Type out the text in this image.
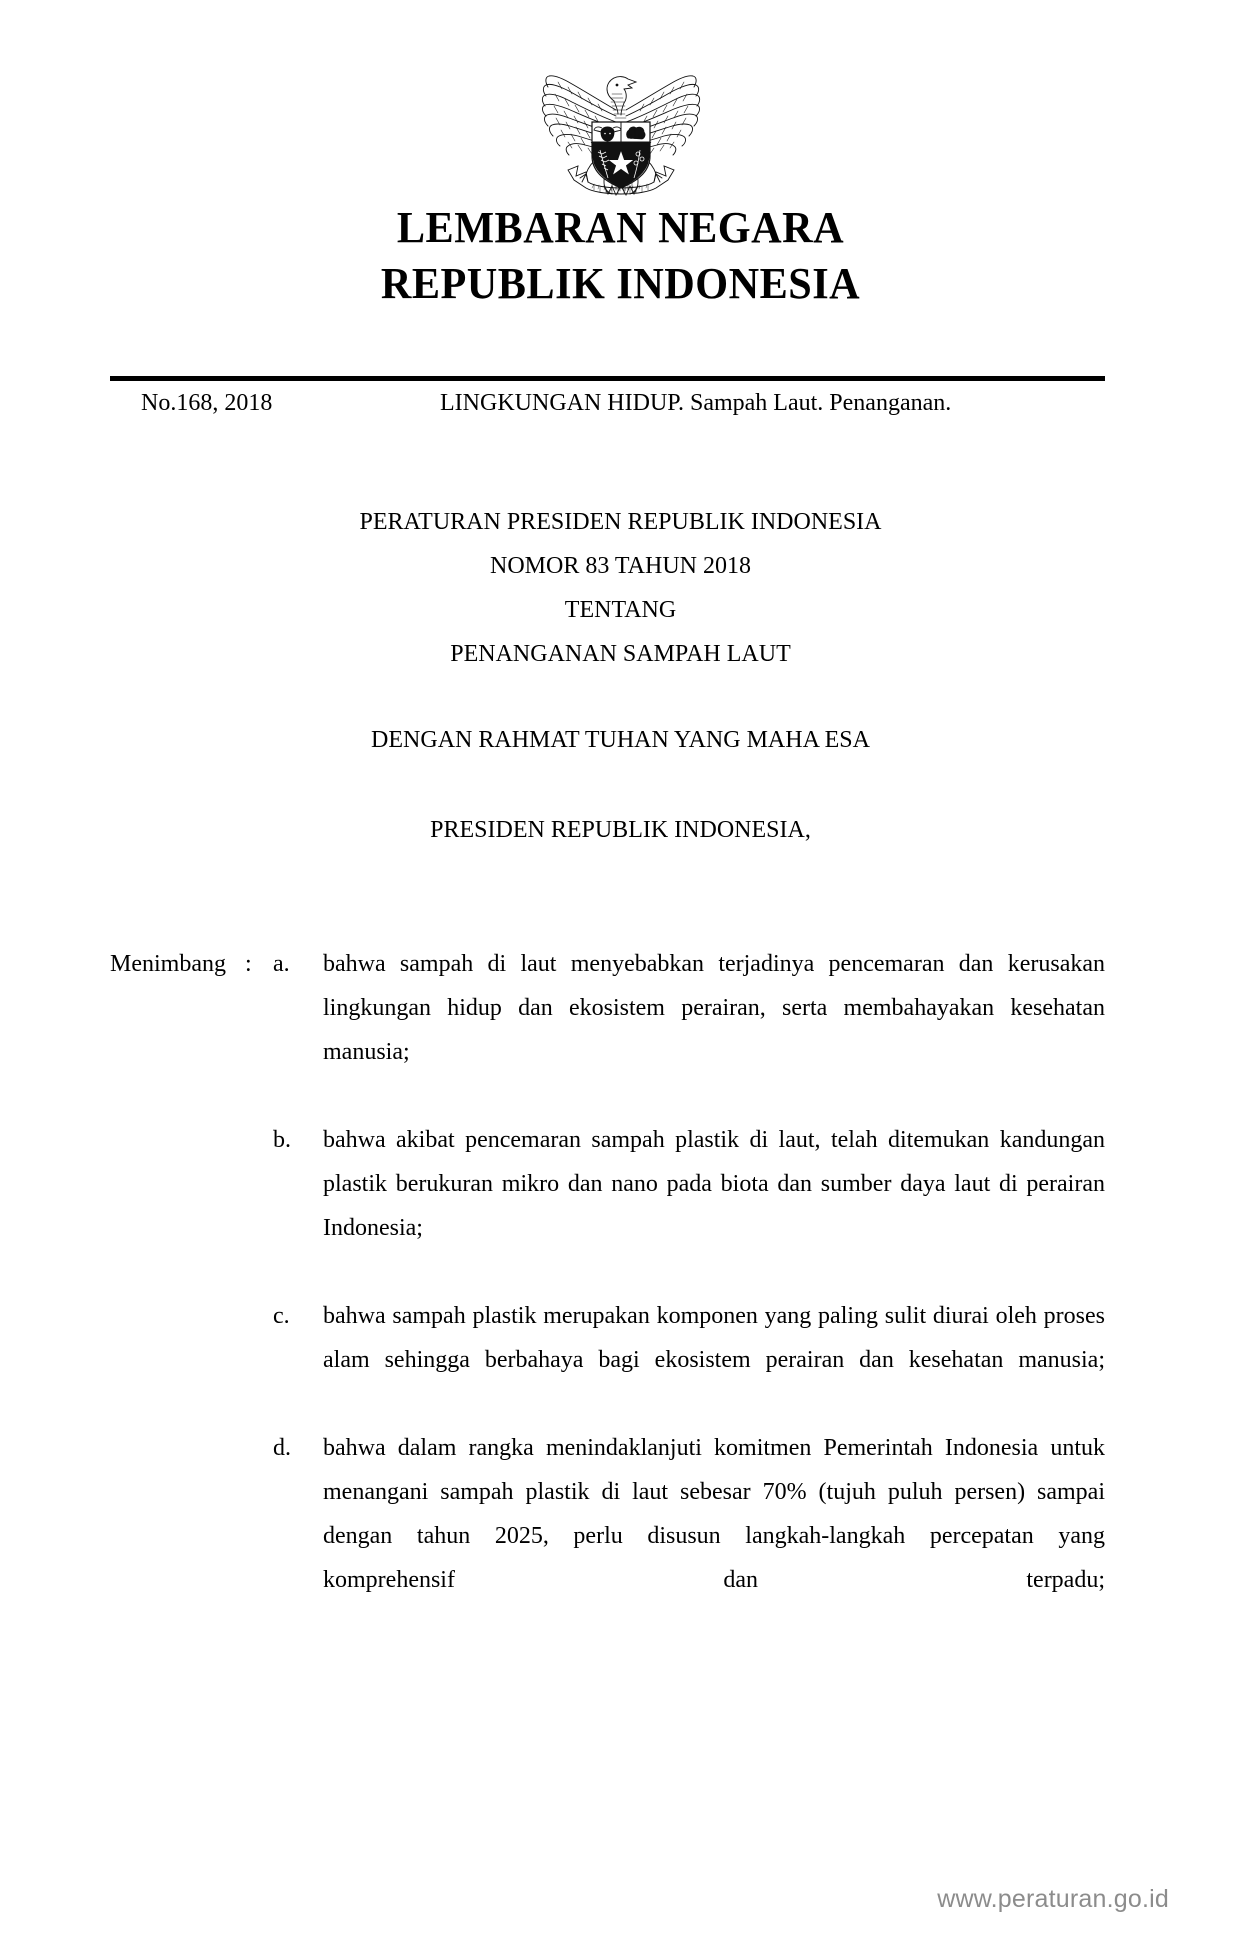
LEMBARAN NEGARA
REPUBLIK INDONESIA
No.168, 2018	LINGKUNGAN HIDUP. Sampah Laut. Penanganan.
PERATURAN PRESIDEN REPUBLIK INDONESIA
NOMOR 83 TAHUN 2018
TENTANG
PENANGANAN SAMPAH LAUT
DENGAN RAHMAT TUHAN YANG MAHA ESA
PRESIDEN REPUBLIK INDONESIA,
Menimbang : a.	bahwa sampah di laut menyebabkan terjadinya pencemaran dan kerusakan lingkungan hidup dan ekosistem perairan, serta membahayakan kesehatan manusia;
b.	bahwa akibat pencemaran sampah plastik di laut, telah ditemukan kandungan plastik berukuran mikro dan nano pada biota dan sumber daya laut di perairan Indonesia;
c.	bahwa sampah plastik merupakan komponen yang paling sulit diurai oleh proses alam sehingga berbahaya bagi ekosistem perairan dan kesehatan manusia;
d.	bahwa dalam rangka menindaklanjuti komitmen Pemerintah Indonesia untuk menangani sampah plastik di laut sebesar 70% (tujuh puluh persen) sampai dengan tahun 2025, perlu disusun langkah-langkah percepatan yang komprehensif dan terpadu;
www.peraturan.go.id
